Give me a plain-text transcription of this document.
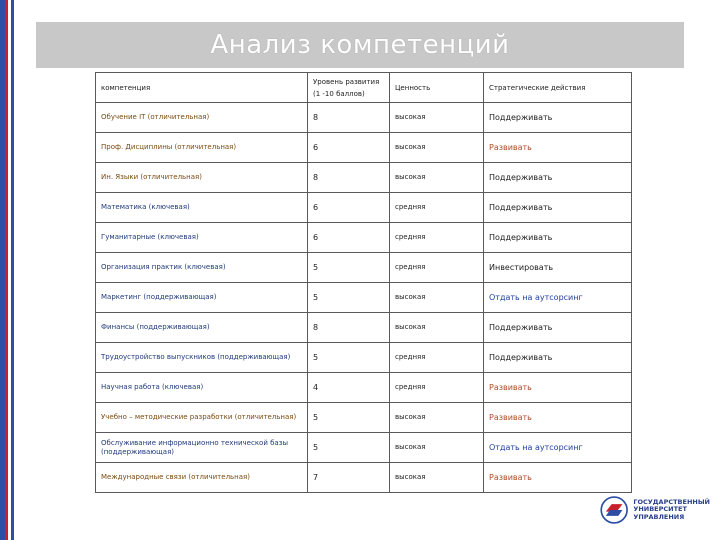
Анализ компетенций
компетенция	Уровень развития (1 -10 баллов)	Ценность	Стратегические действия
Обучение IT (отличительная)	8	высокая	Поддерживать
Проф. Дисциплины (отличительная)	6	высокая	Развивать
Ин. Языки (отличительная)	8	высокая	Поддерживать
Математика (ключевая)	6	средняя	Поддерживать
Гуманитарные (ключевая)	6	средняя	Поддерживать
Организация практик (ключевая)	5	средняя	Инвестировать
Маркетинг (поддерживающая)	5	высокая	Отдать на аутсорсинг
Финансы (поддерживающая)	8	высокая	Поддерживать
Трудоустройство выпускников (поддерживающая)	5	средняя	Поддерживать
Научная работа (ключевая)	4	средняя	Развивать
Учебно – методические разработки (отличительная)	5	высокая	Развивать
Обслуживание информационно технической базы (поддерживающая)	5	высокая	Отдать на аутсорсинг
Международные связи (отличительная)	7	высокая	Развивать
ГОСУДАРСТВЕННЫЙ
УНИВЕРСИТЕТ
УПРАВЛЕНИЯ
